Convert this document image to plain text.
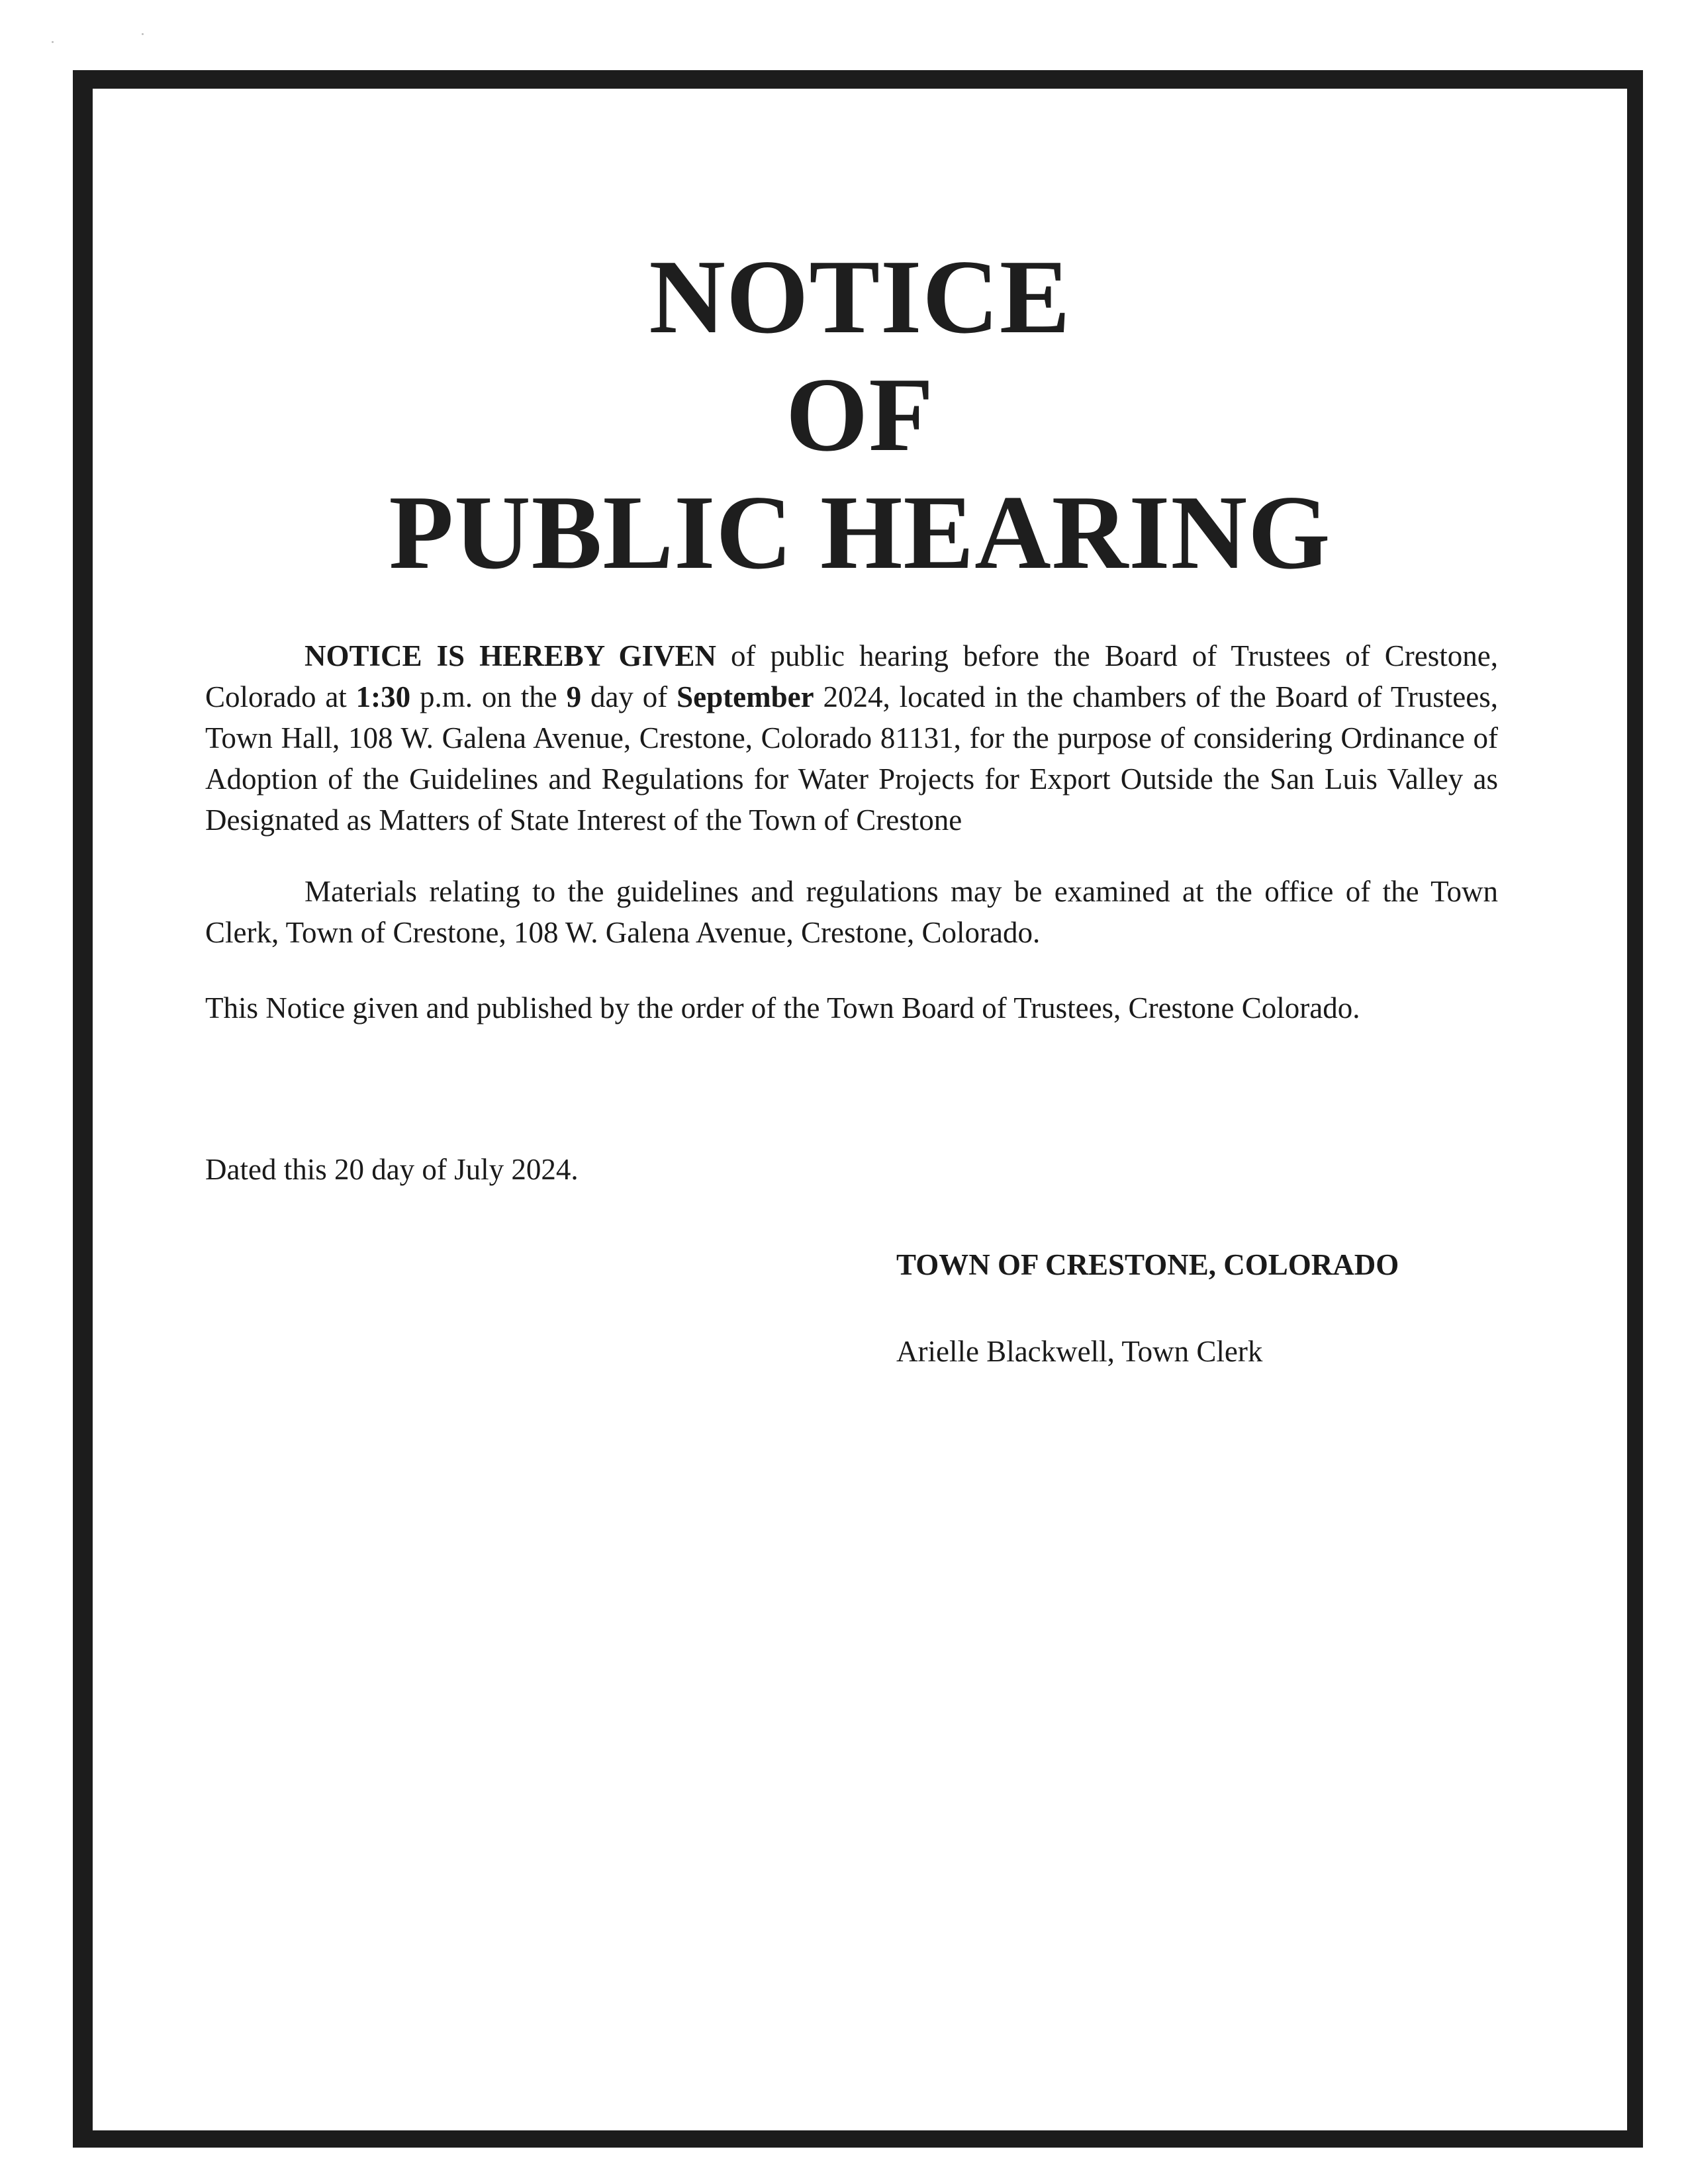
NOTICE
OF
PUBLIC HEARING

NOTICE IS HEREBY GIVEN of public hearing before the Board of Trustees of Crestone, Colorado at 1:30 p.m. on the 9 day of September 2024, located in the chambers of the Board of Trustees, Town Hall, 108 W. Galena Avenue, Crestone, Colorado 81131, for the purpose of considering Ordinance of Adoption of the Guidelines and Regulations for Water Projects for Export Outside the San Luis Valley as Designated as Matters of State Interest of the Town of Crestone

Materials relating to the guidelines and regulations may be examined at the office of the Town Clerk, Town of Crestone, 108 W. Galena Avenue, Crestone, Colorado.

This Notice given and published by the order of the Town Board of Trustees, Crestone Colorado.

Dated this 20 day of July 2024.

TOWN OF CRESTONE, COLORADO
Arielle Blackwell, Town Clerk
